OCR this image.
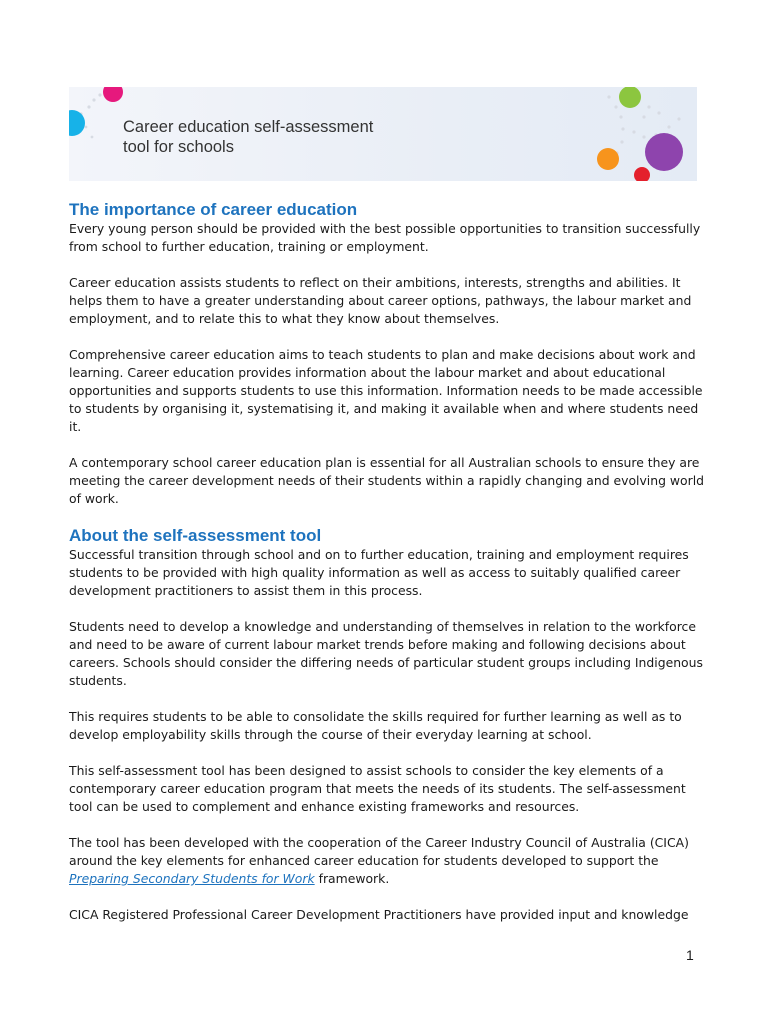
Career education self-assessment
tool for schools
The importance of career education

Every young person should be provided with the best possible opportunities to transition successfully from school to further education, training or employment.

Career education assists students to reflect on their ambitions, interests, strengths and abilities. It helps them to have a greater understanding about career options, pathways, the labour market and employment, and to relate this to what they know about themselves.

Comprehensive career education aims to teach students to plan and make decisions about work and learning. Career education provides information about the labour market and about educational opportunities and supports students to use this information. Information needs to be made accessible to students by organising it, systematising it, and making it available when and where students need it.

A contemporary school career education plan is essential for all Australian schools to ensure they are meeting the career development needs of their students within a rapidly changing and evolving world of work.

About the self-assessment tool

Successful transition through school and on to further education, training and employment requires students to be provided with high quality information as well as access to suitably qualified career development practitioners to assist them in this process.

Students need to develop a knowledge and understanding of themselves in relation to the workforce and need to be aware of current labour market trends before making and following decisions about careers. Schools should consider the differing needs of particular student groups including Indigenous students.

This requires students to be able to consolidate the skills required for further learning as well as to develop employability skills through the course of their everyday learning at school.

This self-assessment tool has been designed to assist schools to consider the key elements of a contemporary career education program that meets the needs of its students. The self-assessment tool can be used to complement and enhance existing frameworks and resources.

The tool has been developed with the cooperation of the Career Industry Council of Australia (CICA) around the key elements for enhanced career education for students developed to support the Preparing Secondary Students for Work framework.

CICA Registered Professional Career Development Practitioners have provided input and knowledge

1
